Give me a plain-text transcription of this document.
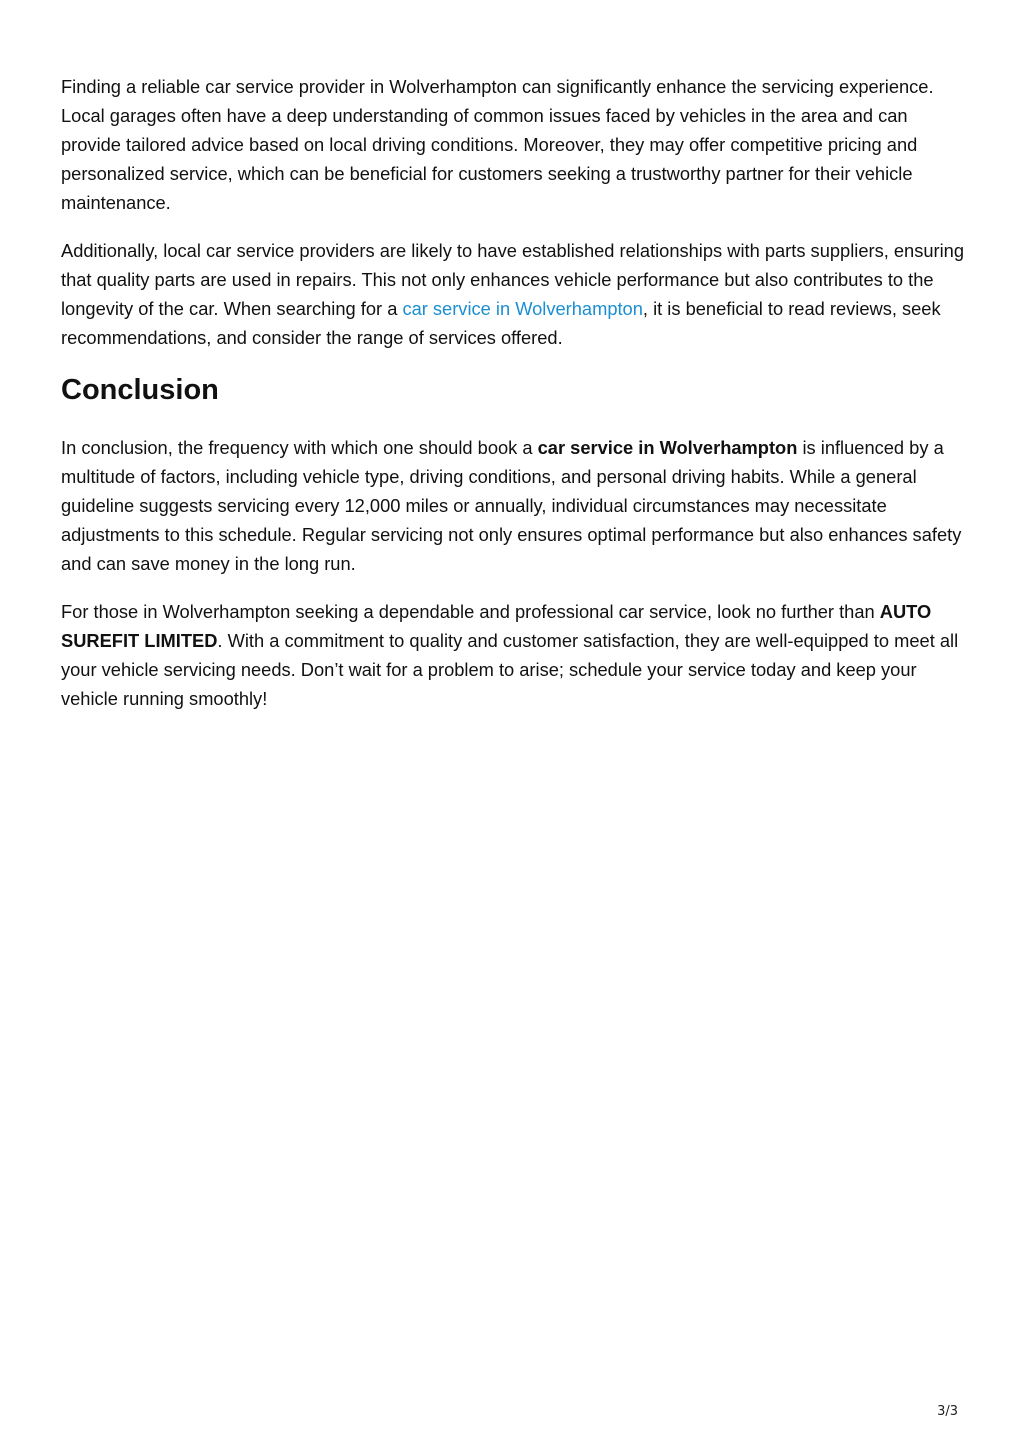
Finding a reliable car service provider in Wolverhampton can significantly enhance the servicing experience. Local garages often have a deep understanding of common issues faced by vehicles in the area and can provide tailored advice based on local driving conditions. Moreover, they may offer competitive pricing and personalized service, which can be beneficial for customers seeking a trustworthy partner for their vehicle maintenance.

Additionally, local car service providers are likely to have established relationships with parts suppliers, ensuring that quality parts are used in repairs. This not only enhances vehicle performance but also contributes to the longevity of the car. When searching for a car service in Wolverhampton, it is beneficial to read reviews, seek recommendations, and consider the range of services offered.

Conclusion

In conclusion, the frequency with which one should book a car service in Wolverhampton is influenced by a multitude of factors, including vehicle type, driving conditions, and personal driving habits. While a general guideline suggests servicing every 12,000 miles or annually, individual circumstances may necessitate adjustments to this schedule. Regular servicing not only ensures optimal performance but also enhances safety and can save money in the long run.

For those in Wolverhampton seeking a dependable and professional car service, look no further than AUTO SUREFIT LIMITED. With a commitment to quality and customer satisfaction, they are well-equipped to meet all your vehicle servicing needs. Don’t wait for a problem to arise; schedule your service today and keep your vehicle running smoothly!

3/3
